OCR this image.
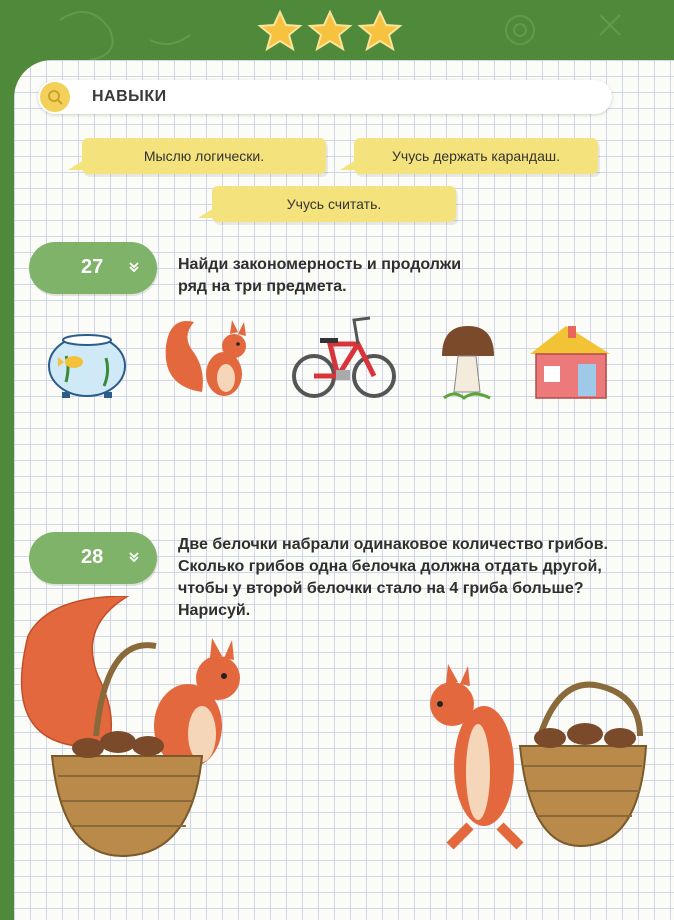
НАВЫКИ
Мыслю логически.	Учусь держать карандаш.
Учусь считать.
27	Найди закономерность и продолжи

ряд на три предмета.

28

Две белочки набрали одинаковое количество грибов.

Сколько грибов одна белочка должна отдать другой,

чтобы у второй белочки стало на 4 гриба больше?

Нарисуй.
